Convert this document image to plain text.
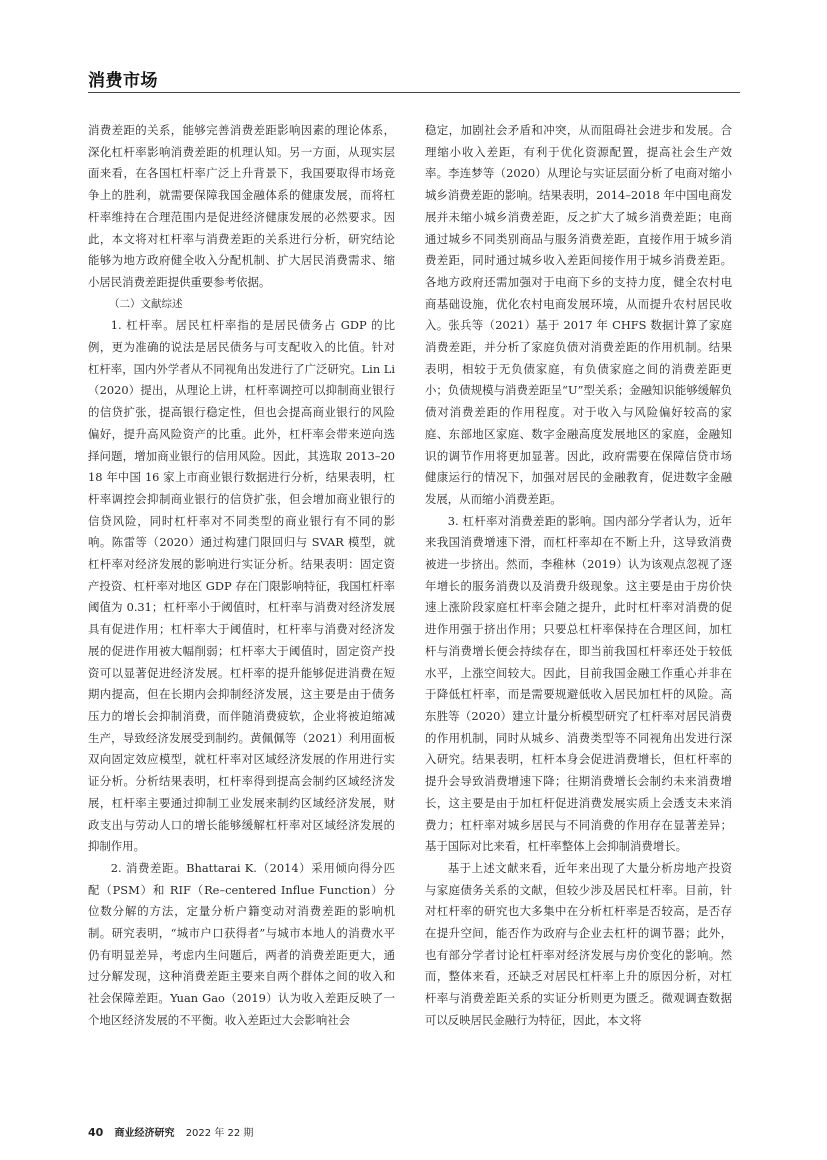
消费市场

消费差距的关系，能够完善消费差距影响因素的理论体系，深化杠杆率影响消费差距的机理认知。另一方面，从现实层面来看，在各国杠杆率广泛上升背景下，我国要取得市场竞争上的胜利，就需要保障我国金融体系的健康发展，而将杠杆率维持在合理范围内是促进经济健康发展的必然要求。因此，本文将对杠杆率与消费差距的关系进行分析，研究结论能够为地方政府健全收入分配机制、扩大居民消费需求、缩小居民消费差距提供重要参考依据。

（二）文献综述

1. 杠杆率。居民杠杆率指的是居民债务占 GDP 的比例，更为准确的说法是居民债务与可支配收入的比值。针对杠杆率，国内外学者从不同视角出发进行了广泛研究。Lin Li（2020）提出，从理论上讲，杠杆率调控可以抑制商业银行的信贷扩张，提高银行稳定性，但也会提高商业银行的风险偏好，提升高风险资产的比重。此外，杠杆率会带来逆向选择问题，增加商业银行的信用风险。因此，其选取 2013–2018 年中国 16 家上市商业银行数据进行分析，结果表明，杠杆率调控会抑制商业银行的信贷扩张，但会增加商业银行的信贷风险，同时杠杆率对不同类型的商业银行有不同的影响。陈雷等（2020）通过构建门限回归与 SVAR 模型，就杠杆率对经济发展的影响进行实证分析。结果表明：固定资产投资、杠杆率对地区 GDP 存在门限影响特征，我国杠杆率阈值为 0.31；杠杆率小于阈值时，杠杆率与消费对经济发展具有促进作用；杠杆率大于阈值时，杠杆率与消费对经济发展的促进作用被大幅削弱；杠杆率大于阈值时，固定资产投资可以显著促进经济发展。杠杆率的提升能够促进消费在短期内提高，但在长期内会抑制经济发展，这主要是由于债务压力的增长会抑制消费，而伴随消费疲软，企业将被迫缩减生产，导致经济发展受到制约。黄佩佩等（2021）利用面板双向固定效应模型，就杠杆率对区域经济发展的作用进行实证分析。分析结果表明，杠杆率得到提高会制约区域经济发展，杠杆率主要通过抑制工业发展来制约区域经济发展，财政支出与劳动人口的增长能够缓解杠杆率对区域经济发展的抑制作用。

2. 消费差距。Bhattarai K.（2014）采用倾向得分匹配（PSM）和 RIF（Re–centered Influe Function）分位数分解的方法，定量分析户籍变动对消费差距的影响机制。研究表明，“城市户口获得者”与城市本地人的消费水平仍有明显差异，考虑内生问题后，两者的消费差距更大，通过分解发现，这种消费差距主要来自两个群体之间的收入和社会保障差距。Yuan Gao（2019）认为收入差距反映了一个地区经济发展的不平衡。收入差距过大会影响社会

稳定，加剧社会矛盾和冲突，从而阻碍社会进步和发展。合理缩小收入差距，有利于优化资源配置，提高社会生产效率。李连梦等（2020）从理论与实证层面分析了电商对缩小城乡消费差距的影响。结果表明，2014–2018 年中国电商发展并未缩小城乡消费差距，反之扩大了城乡消费差距；电商通过城乡不同类别商品与服务消费差距，直接作用于城乡消费差距，同时通过城乡收入差距间接作用于城乡消费差距。各地方政府还需加强对于电商下乡的支持力度，健全农村电商基础设施，优化农村电商发展环境，从而提升农村居民收入。张兵等（2021）基于 2017 年 CHFS 数据计算了家庭消费差距，并分析了家庭负债对消费差距的作用机制。结果表明，相较于无负债家庭，有负债家庭之间的消费差距更小；负债规模与消费差距呈“U”型关系；金融知识能够缓解负债对消费差距的作用程度。对于收入与风险偏好较高的家庭、东部地区家庭、数字金融高度发展地区的家庭，金融知识的调节作用将更加显著。因此，政府需要在保障信贷市场健康运行的情况下，加强对居民的金融教育，促进数字金融发展，从而缩小消费差距。

3. 杠杆率对消费差距的影响。国内部分学者认为，近年来我国消费增速下滑，而杠杆率却在不断上升，这导致消费被进一步挤出。然而，李稚林（2019）认为该观点忽视了逐年增长的服务消费以及消费升级现象。这主要是由于房价快速上涨阶段家庭杠杆率会随之提升，此时杠杆率对消费的促进作用强于挤出作用；只要总杠杆率保持在合理区间，加杠杆与消费增长便会持续存在，即当前我国杠杆率还处于较低水平，上涨空间较大。因此，目前我国金融工作重心并非在于降低杠杆率，而是需要规避低收入居民加杠杆的风险。高东胜等（2020）建立计量分析模型研究了杠杆率对居民消费的作用机制，同时从城乡、消费类型等不同视角出发进行深入研究。结果表明，杠杆本身会促进消费增长，但杠杆率的提升会导致消费增速下降；往期消费增长会制约未来消费增长，这主要是由于加杠杆促进消费发展实质上会透支未来消费力；杠杆率对城乡居民与不同消费的作用存在显著差异；基于国际对比来看，杠杆率整体上会抑制消费增长。

基于上述文献来看，近年来出现了大量分析房地产投资与家庭债务关系的文献，但较少涉及居民杠杆率。目前，针对杠杆率的研究也大多集中在分析杠杆率是否较高，是否存在提升空间，能否作为政府与企业去杠杆的调节器；此外，也有部分学者讨论杠杆率对经济发展与房价变化的影响。然而，整体来看，还缺乏对居民杠杆率上升的原因分析，对杠杆率与消费差距关系的实证分析则更为匮乏。微观调查数据可以反映居民金融行为特征，因此，本文将

40 商业经济研究 2022 年 22 期
